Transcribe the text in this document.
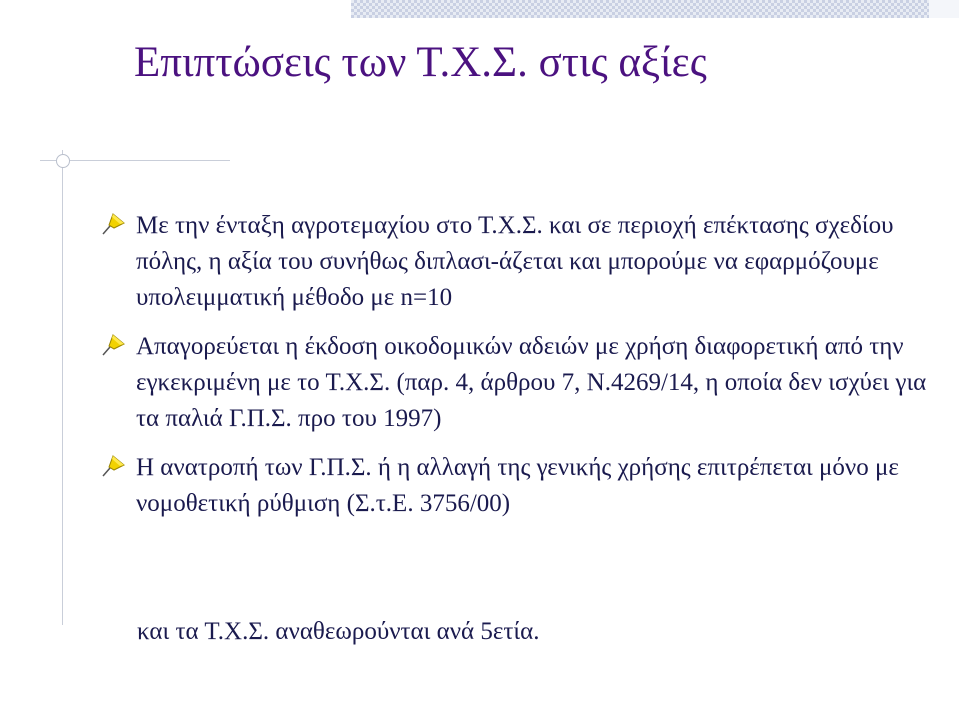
Επιπτώσεις των Τ.Χ.Σ. στις αξίες
Με την ένταξη αγροτεμαχίου στο Τ.Χ.Σ. και σε περιοχή επέκτασης σχεδίου πόλης, η αξία του συνήθως διπλασι-άζεται και μπορούμε να εφαρμόζουμε υπολειμματική μέθοδο με n=10
Απαγορεύεται η έκδοση οικοδομικών αδειών με χρήση διαφορετική από την εγκεκριμένη με το Τ.Χ.Σ. (παρ. 4, άρθρου 7, Ν.4269/14, η οποία δεν ισχύει για τα παλιά Γ.Π.Σ. προ του 1997)
Η ανατροπή των Γ.Π.Σ. ή η αλλαγή της γενικής χρήσης επιτρέπεται μόνο με νομοθετική ρύθμιση (Σ.τ.Ε. 3756/00)

και τα Τ.Χ.Σ. αναθεωρούνται ανά 5ετία.
